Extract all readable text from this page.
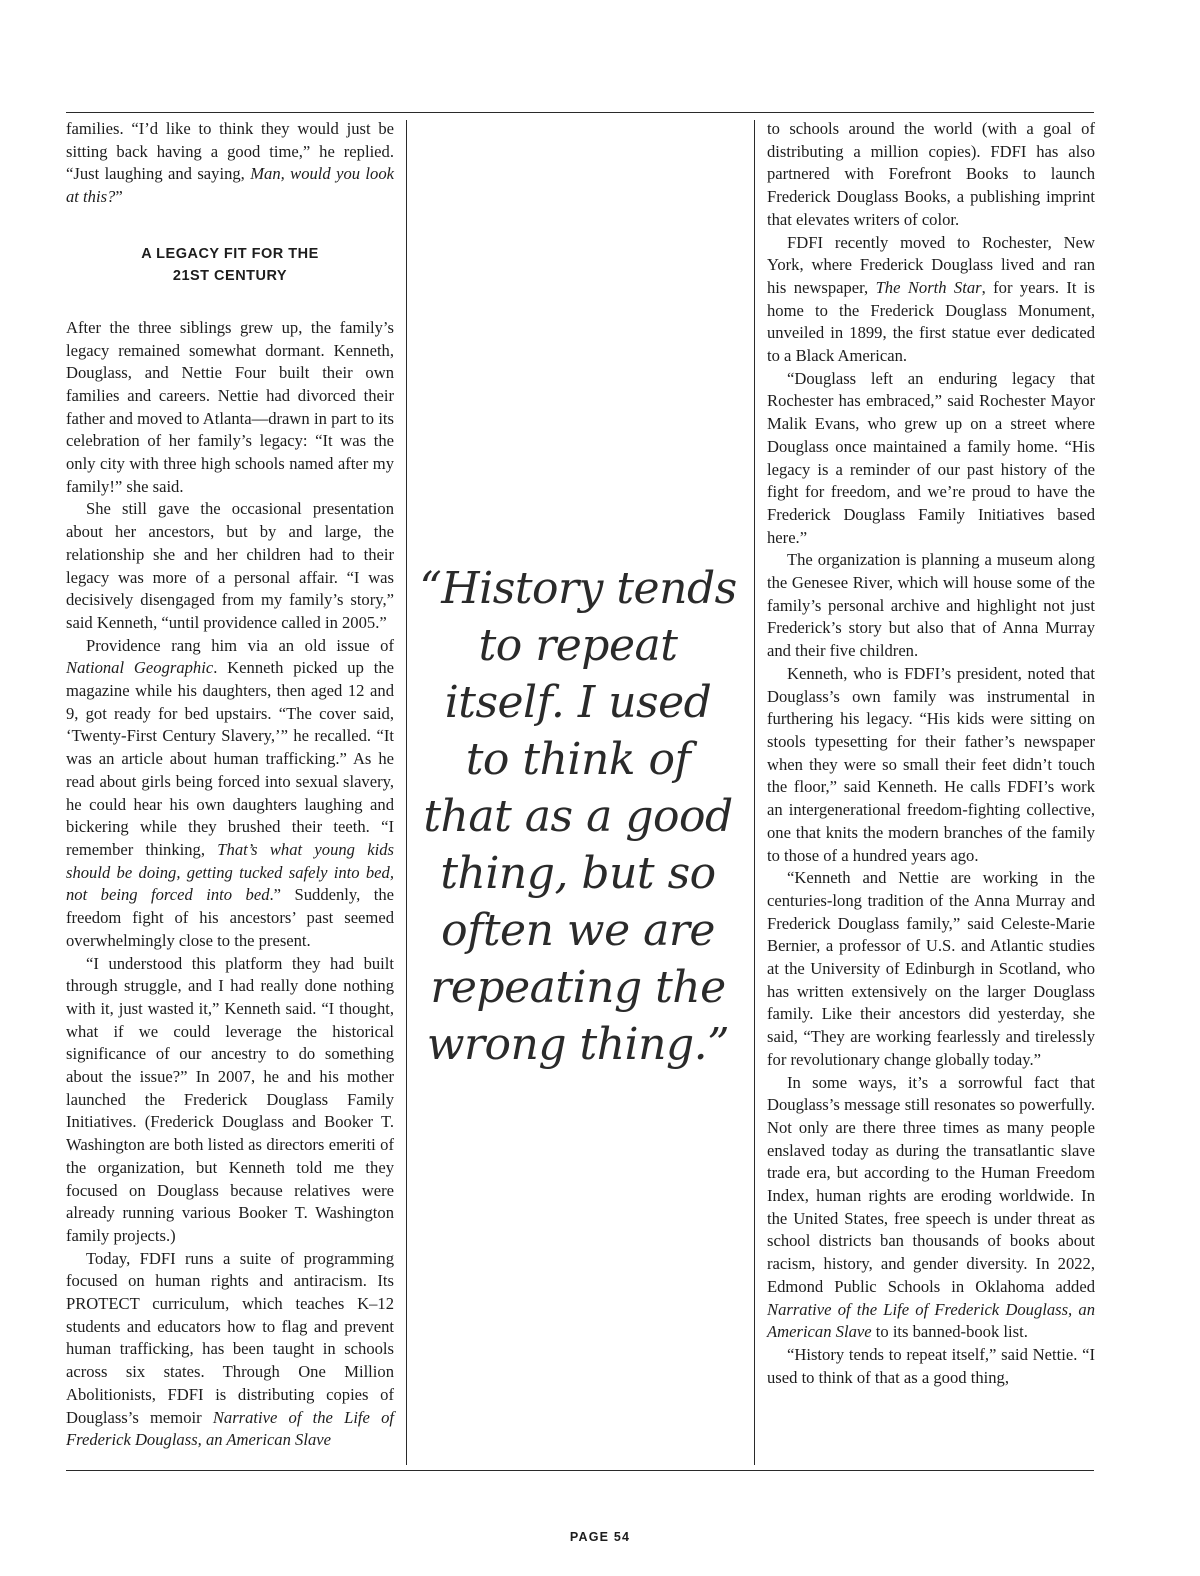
families. “I’d like to think they would just be sitting back having a good time,” he replied. “Just laughing and saying, Man, would you look at this?”

A LEGACY FIT FOR THE
21ST CENTURY

After the three siblings grew up, the family’s legacy remained somewhat dormant. Kenneth, Douglass, and Nettie Four built their own families and careers. Nettie had divorced their father and moved to Atlanta—drawn in part to its celebration of her family’s legacy: “It was the only city with three high schools named after my family!” she said.

She still gave the occasional presentation about her ancestors, but by and large, the relationship she and her children had to their legacy was more of a personal affair. “I was decisively disengaged from my family’s story,” said Kenneth, “until providence called in 2005.”

Providence rang him via an old issue of National Geographic. Kenneth picked up the magazine while his daughters, then aged 12 and 9, got ready for bed upstairs. “The cover said, ‘Twenty-First Century Slavery,’” he recalled. “It was an article about human trafficking.” As he read about girls being forced into sexual slavery, he could hear his own daughters laughing and bickering while they brushed their teeth. “I remember thinking, That’s what young kids should be doing, getting tucked safely into bed, not being forced into bed.” Suddenly, the freedom fight of his ancestors’ past seemed overwhelmingly close to the present.

“I understood this platform they had built through struggle, and I had really done nothing with it, just wasted it,” Kenneth said. “I thought, what if we could leverage the historical significance of our ancestry to do something about the issue?” In 2007, he and his mother launched the Frederick Douglass Family Initiatives. (Frederick Douglass and Booker T. Washington are both listed as directors emeriti of the organization, but Kenneth told me they focused on Douglass because relatives were already running various Booker T. Washington family projects.)

Today, FDFI runs a suite of programming focused on human rights and antiracism. Its PROTECT curriculum, which teaches K–12 students and educators how to flag and prevent human trafficking, has been taught in schools across six states. Through One Million Abolitionists, FDFI is distributing copies of Douglass’s memoir Narrative of the Life of Frederick Douglass, an American Slave

“History tends to repeat itself. I used to think of that as a good thing, but so often we are repeating the wrong thing.”

to schools around the world (with a goal of distributing a million copies). FDFI has also partnered with Forefront Books to launch Frederick Douglass Books, a publishing imprint that elevates writers of color.

FDFI recently moved to Rochester, New York, where Frederick Douglass lived and ran his newspaper, The North Star, for years. It is home to the Frederick Douglass Monument, unveiled in 1899, the first statue ever dedicated to a Black American.

“Douglass left an enduring legacy that Rochester has embraced,” said Rochester Mayor Malik Evans, who grew up on a street where Douglass once maintained a family home. “His legacy is a reminder of our past history of the fight for freedom, and we’re proud to have the Frederick Douglass Family Initiatives based here.”

The organization is planning a museum along the Genesee River, which will house some of the family’s personal archive and highlight not just Frederick’s story but also that of Anna Murray and their five children.

Kenneth, who is FDFI’s president, noted that Douglass’s own family was instrumental in furthering his legacy. “His kids were sitting on stools typesetting for their father’s newspaper when they were so small their feet didn’t touch the floor,” said Kenneth. He calls FDFI’s work an intergenerational freedom-fighting collective, one that knits the modern branches of the family to those of a hundred years ago.

“Kenneth and Nettie are working in the centuries-long tradition of the Anna Murray and Frederick Douglass family,” said Celeste-Marie Bernier, a professor of U.S. and Atlantic studies at the University of Edinburgh in Scotland, who has written extensively on the larger Douglass family. Like their ancestors did yesterday, she said, “They are working fearlessly and tirelessly for revolutionary change globally today.”

In some ways, it’s a sorrowful fact that Douglass’s message still resonates so powerfully. Not only are there three times as many people enslaved today as during the transatlantic slave trade era, but according to the Human Freedom Index, human rights are eroding worldwide. In the United States, free speech is under threat as school districts ban thousands of books about racism, history, and gender diversity. In 2022, Edmond Public Schools in Oklahoma added Narrative of the Life of Frederick Douglass, an American Slave to its banned-book list.

“History tends to repeat itself,” said Nettie. “I used to think of that as a good thing,

PAGE 54
